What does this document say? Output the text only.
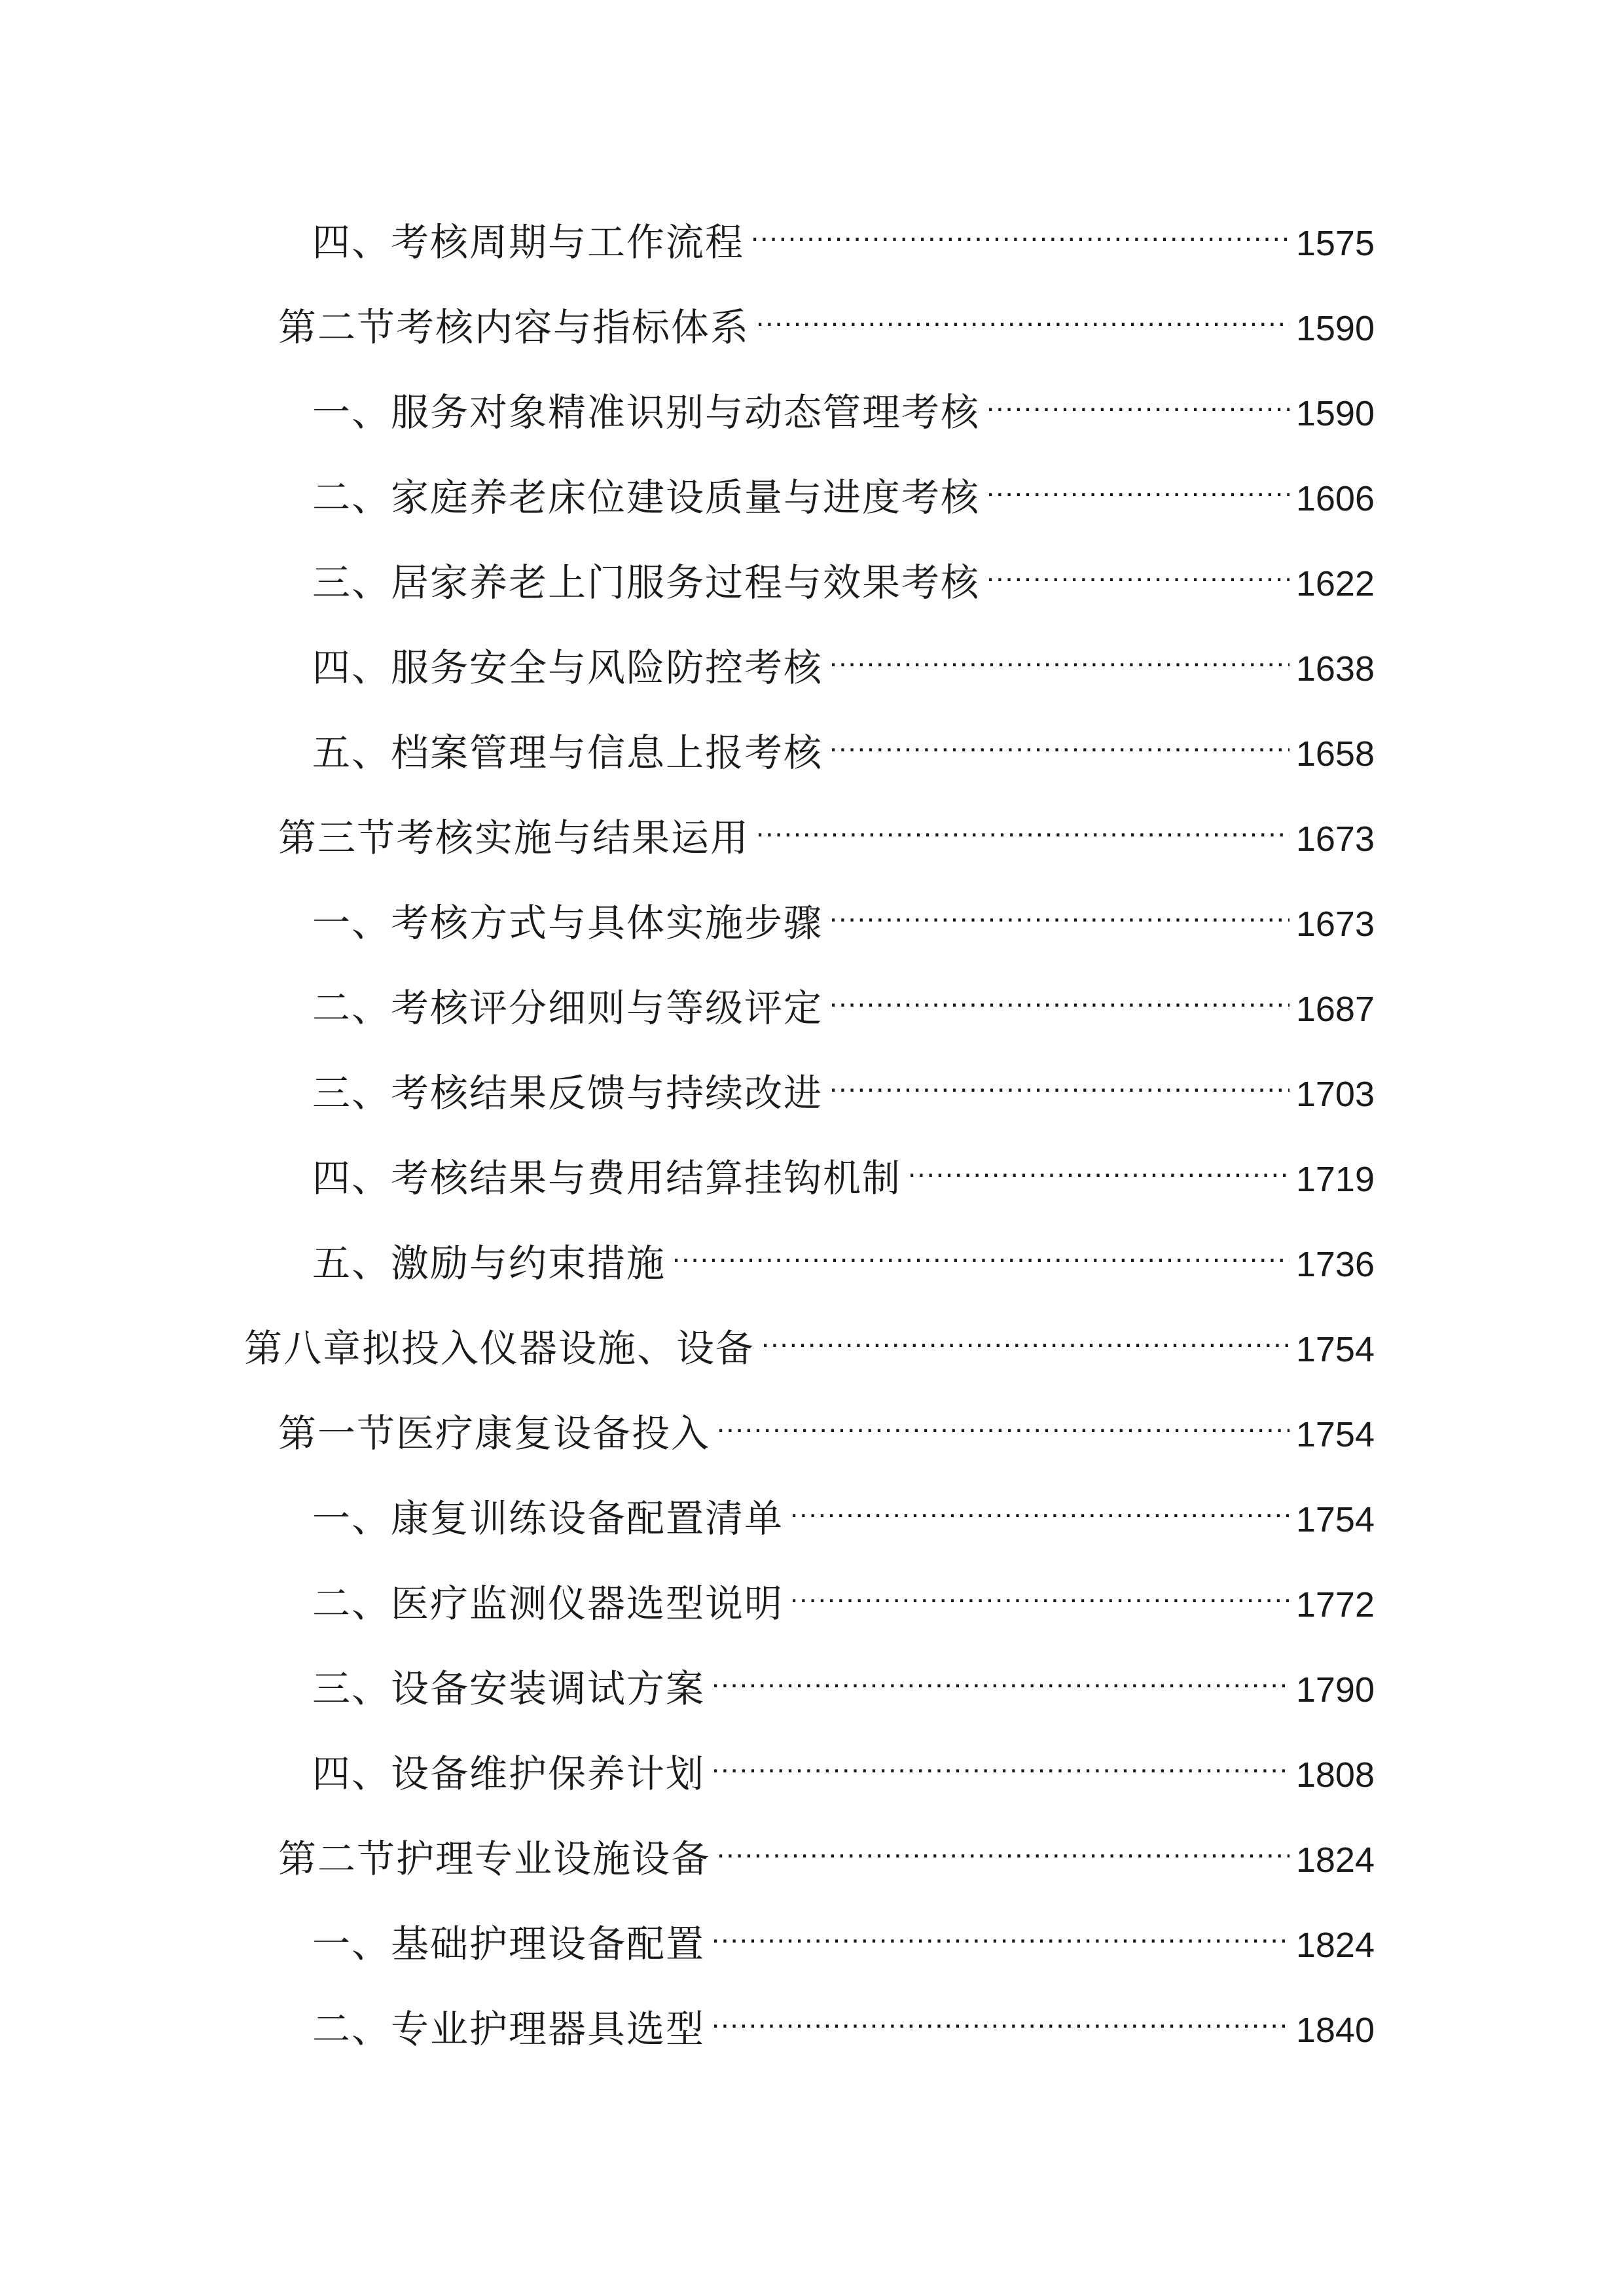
四、考核周期与工作流程 .....	1575
第二节考核内容与指标体系 .....	1590
一、服务对象精准识别与动态管理考核 .....	1590
二、家庭养老床位建设质量与进度考核 .....	1606
三、居家养老上门服务过程与效果考核 .....	1622
四、服务安全与风险防控考核 .....	1638
五、档案管理与信息上报考核 .....	1658
第三节考核实施与结果运用 .....	1673
一、考核方式与具体实施步骤 .....	1673
二、考核评分细则与等级评定 .....	1687
三、考核结果反馈与持续改进 .....	1703
四、考核结果与费用结算挂钩机制 .....	1719
五、激励与约束措施 .....	1736
第八章拟投入仪器设施、设备 .....	1754
第一节医疗康复设备投入 .....	1754
一、康复训练设备配置清单 .....	1754
二、医疗监测仪器选型说明 .....	1772
三、设备安装调试方案 .....	1790
四、设备维护保养计划 .....	1808
第二节护理专业设施设备 .....	1824
一、基础护理设备配置 .....	1824
二、专业护理器具选型 .....	1840
